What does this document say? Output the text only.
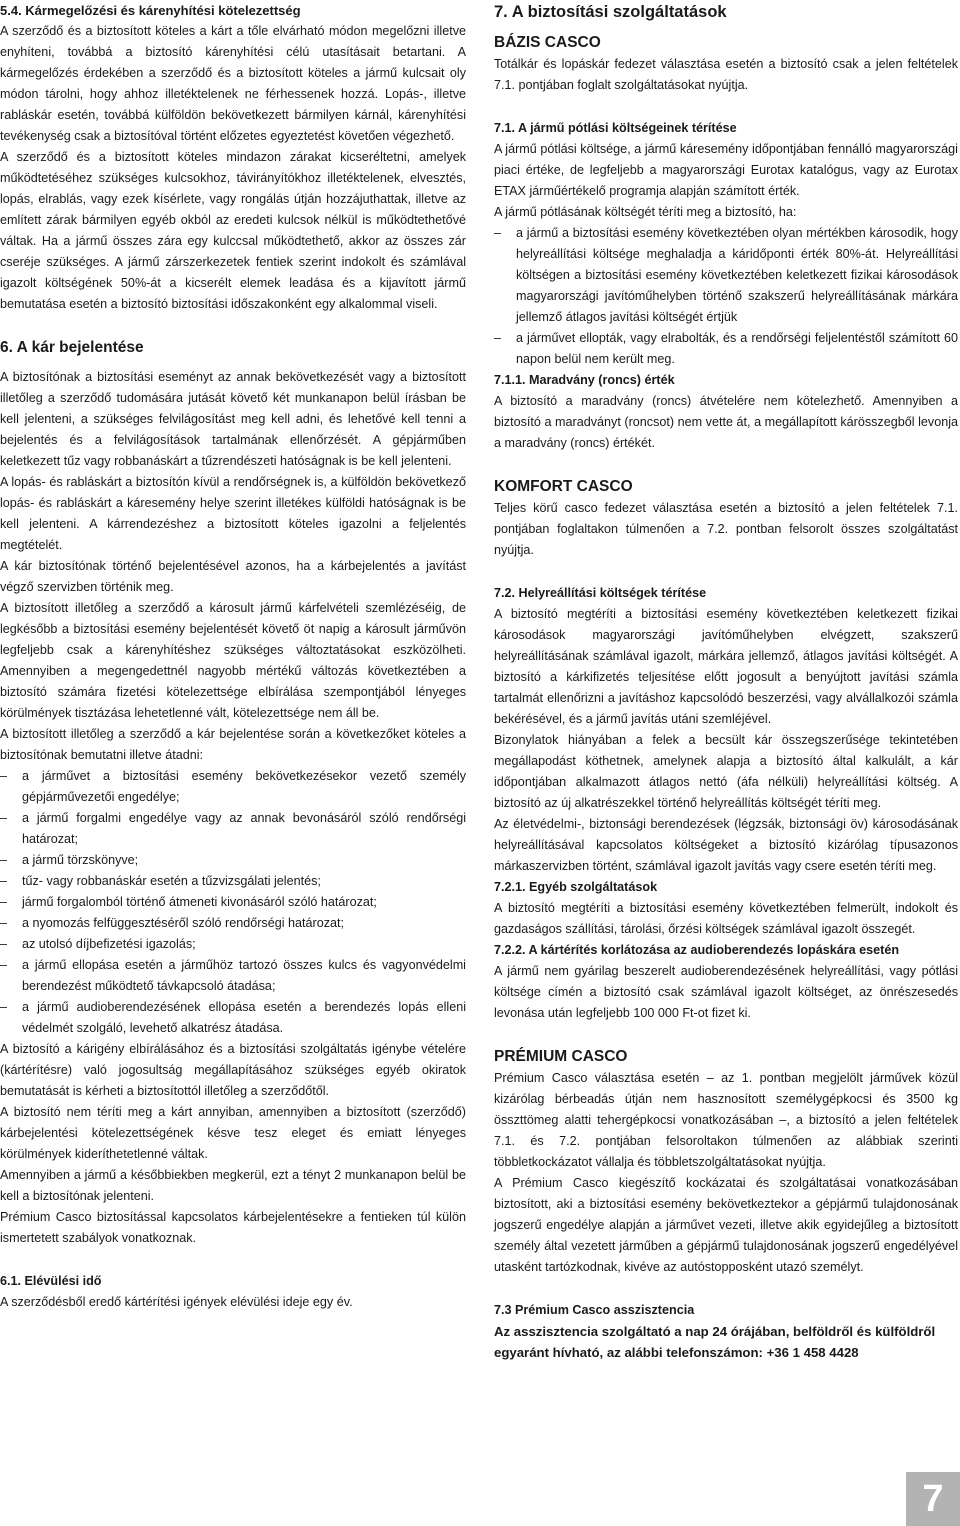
5.4. Kármegelőzési és kárenyhítési kötelezettség

A szerződő és a biztosított köteles a kárt a tőle elvárható módon megelőzni illetve enyhíteni, továbbá a biztosító kárenyhítési célú utasításait betartani. A kármegelőzés érdekében a szerződő és a biztosított köteles a jármű kulcsait oly módon tárolni, hogy ahhoz illetéktelenek ne férhessenek hozzá. Lopás-, illetve rabláskár esetén, továbbá külföldön bekövetkezett bármilyen kárnál, kárenyhítési tevékenység csak a biztosítóval történt előzetes egyeztetést követően végezhető.

A szerződő és a biztosított köteles mindazon zárakat kicseréltetni, amelyek működtetéséhez szükséges kulcsokhoz, távirányítókhoz illetéktelenek, elvesztés, lopás, elrablás, vagy ezek kísérlete, vagy rongálás útján hozzájuthattak, illetve az említett zárak bármilyen egyéb okból az eredeti kulcsok nélkül is működtethetővé váltak. Ha a jármű összes zára egy kulccsal működtethető, akkor az összes zár cseréje szükséges. A jármű zárszerkezetek fentiek szerint indokolt és számlával igazolt költségének 50%-át a kicserélt elemek leadása és a kijavított jármű bemutatása esetén a biztosító biztosítási időszakonként egy alkalommal viseli.

6. A kár bejelentése

A biztosítónak a biztosítási eseményt az annak bekövetkezését vagy a biztosított illetőleg a szerződő tudomására jutását követő két munkanapon belül írásban be kell jelenteni, a szükséges felvilágosítást meg kell adni, és lehetővé kell tenni a bejelentés és a felvilágosítások tartalmának ellenőrzését. A gépjárműben keletkezett tűz vagy robbanáskárt a tűzrendészeti hatóságnak is be kell jelenteni.

A lopás- és rabláskárt a biztosítón kívül a rendőrségnek is, a külföldön bekövetkező lopás- és rabláskárt a káresemény helye szerint illetékes külföldi hatóságnak is be kell jelenteni. A kárrendezéshez a biztosított köteles igazolni a feljelentés megtételét.

A kár biztosítónak történő bejelentésével azonos, ha a kárbejelentés a javítást végző szervizben történik meg.

A biztosított illetőleg a szerződő a károsult jármű kárfelvételi szemlézéséig, de legkésőbb a biztosítási esemény bejelentését követő öt napig a károsult járművön legfeljebb csak a kárenyhítéshez szükséges változtatásokat eszközölheti. Amennyiben a megengedettnél nagyobb mértékű változás következtében a biztosító számára fizetési kötelezettsége elbírálása szempontjából lényeges körülmények tisztázása lehetetlenné vált, kötelezettsége nem áll be.

A biztosított illetőleg a szerződő a kár bejelentése során a következőket köteles a biztosítónak bemutatni illetve átadni:

– a járművet a biztosítási esemény bekövetkezésekor vezető személy gépjárművezetői engedélye;
– a jármű forgalmi engedélye vagy az annak bevonásáról szóló rendőrségi határozat;
– a jármű törzskönyve;
– tűz- vagy robbanáskár esetén a tűzvizsgálati jelentés;
– jármű forgalomból történő átmeneti kivonásáról szóló határozat;
– a nyomozás felfüggesztéséről szóló rendőrségi határozat;
– az utolsó díjbefizetési igazolás;
– a jármű ellopása esetén a járműhöz tartozó összes kulcs és vagyonvédelmi berendezést működtető távkapcsoló átadása;
– a jármű audioberendezésének ellopása esetén a berendezés lopás elleni védelmét szolgáló, levehető alkatrész átadása.

A biztosító a kárigény elbírálásához és a biztosítási szolgáltatás igénybe vételére (kártérítésre) való jogosultság megállapításához szükséges egyéb okiratok bemutatását is kérheti a biztosítottól illetőleg a szerződőtől.

A biztosító nem téríti meg a kárt annyiban, amennyiben a biztosított (szerződő) kárbejelentési kötelezettségének késve tesz eleget és emiatt lényeges körülmények kideríthetetlenné váltak.

Amennyiben a jármű a későbbiekben megkerül, ezt a tényt 2 munkanapon belül be kell a biztosítónak jelenteni.

Prémium Casco biztosítással kapcsolatos kárbejelentésekre a fentieken túl külön ismertetett szabályok vonatkoznak.

6.1. Elévülési idő

A szerződésből eredő kártérítési igények elévülési ideje egy év.

7. A biztosítási szolgáltatások

BÁZIS CASCO

Totálkár és lopáskár fedezet választása esetén a biztosító csak a jelen feltételek 7.1. pontjában foglalt szolgáltatásokat nyújtja.

7.1. A jármű pótlási költségeinek térítése

A jármű pótlási költsége, a jármű káresemény időpontjában fennálló magyarországi piaci értéke, de legfeljebb a magyarországi Eurotax katalógus, vagy az Eurotax ETAX járműértékelő programja alapján számított érték.

A jármű pótlásának költségét téríti meg a biztosító, ha:

– a jármű a biztosítási esemény következtében olyan mértékben károsodik, hogy helyreállítási költsége meghaladja a káridőponti érték 80%-át. Helyreállítási költségen a biztosítási esemény következtében keletkezett fizikai károsodások magyarországi javítóműhelyben történő szakszerű helyreállításának márkára jellemző átlagos javítási költségét értjük
– a járművet ellopták, vagy elrabolták, és a rendőrségi feljelentéstől számított 60 napon belül nem került meg.

7.1.1. Maradvány (roncs) érték

A biztosító a maradvány (roncs) átvételére nem kötelezhető. Amennyiben a biztosító a maradványt (roncsot) nem vette át, a megállapított kárösszegből levonja a maradvány (roncs) értékét.

KOMFORT CASCO

Teljes körű casco fedezet választása esetén a biztosító a jelen feltételek 7.1. pontjában foglaltakon túlmenően a 7.2. pontban felsorolt összes szolgáltatást nyújtja.

7.2. Helyreállítási költségek térítése

A biztosító megtéríti a biztosítási esemény következtében keletkezett fizikai károsodások magyarországi javítóműhelyben elvégzett, szakszerű helyreállításának számlával igazolt, márkára jellemző, átlagos javítási költségét. A biztosító a kárkifizetés teljesítése előtt jogosult a benyújtott javítási számla tartalmát ellenőrizni a javításhoz kapcsolódó beszerzési, vagy alvállalkozói számla bekérésével, és a jármű javítás utáni szemléjével.

Bizonylatok hiányában a felek a becsült kár összegszerűsége tekintetében megállapodást köthetnek, amelynek alapja a biztosító által kalkulált, a kár időpontjában alkalmazott átlagos nettó (áfa nélküli) helyreállítási költség. A biztosító az új alkatrészekkel történő helyreállítás költségét téríti meg.

Az életvédelmi-, biztonsági berendezések (légzsák, biztonsági öv) károsodásának helyreállításával kapcsolatos költségeket a biztosító kizárólag típusazonos márkaszervizben történt, számlával igazolt javítás vagy csere esetén téríti meg.

7.2.1. Egyéb szolgáltatások

A biztosító megtéríti a biztosítási esemény következtében felmerült, indokolt és gazdaságos szállítási, tárolási, őrzési költségek számlával igazolt összegét.

7.2.2. A kártérítés korlátozása az audioberendezés lopáskára esetén

A jármű nem gyárilag beszerelt audioberendezésének helyreállítási, vagy pótlási költsége címén a biztosító csak számlával igazolt költséget, az önrészesedés levonása után legfeljebb 100 000 Ft-ot fizet ki.

PRÉMIUM CASCO

Prémium Casco választása esetén – az 1. pontban megjelölt járművek közül kizárólag bérbeadás útján nem hasznosított személygépkocsi és 3500 kg összttömeg alatti tehergépkocsi vonatkozásában –, a biztosító a jelen feltételek 7.1. és 7.2. pontjában felsoroltakon túlmenően az alábbiak szerinti többletkockázatot vállalja és többletszolgáltatásokat nyújtja.

A Prémium Casco kiegészítő kockázatai és szolgáltatásai vonatkozásában biztosított, aki a biztosítási esemény bekövetkeztekor a gépjármű tulajdonosának jogszerű engedélye alapján a járművet vezeti, illetve akik egyidejűleg a biztosított személy által vezetett járműben a gépjármű tulajdonosának jogszerű engedélyével utasként tartózkodnak, kivéve az autóstopposként utazó személyt.

7.3 Prémium Casco asszisztencia

Az asszisztencia szolgáltató a nap 24 órájában, belföldről és külföldről egyaránt hívható, az alábbi telefonszámon: +36 1 458 4428

7
